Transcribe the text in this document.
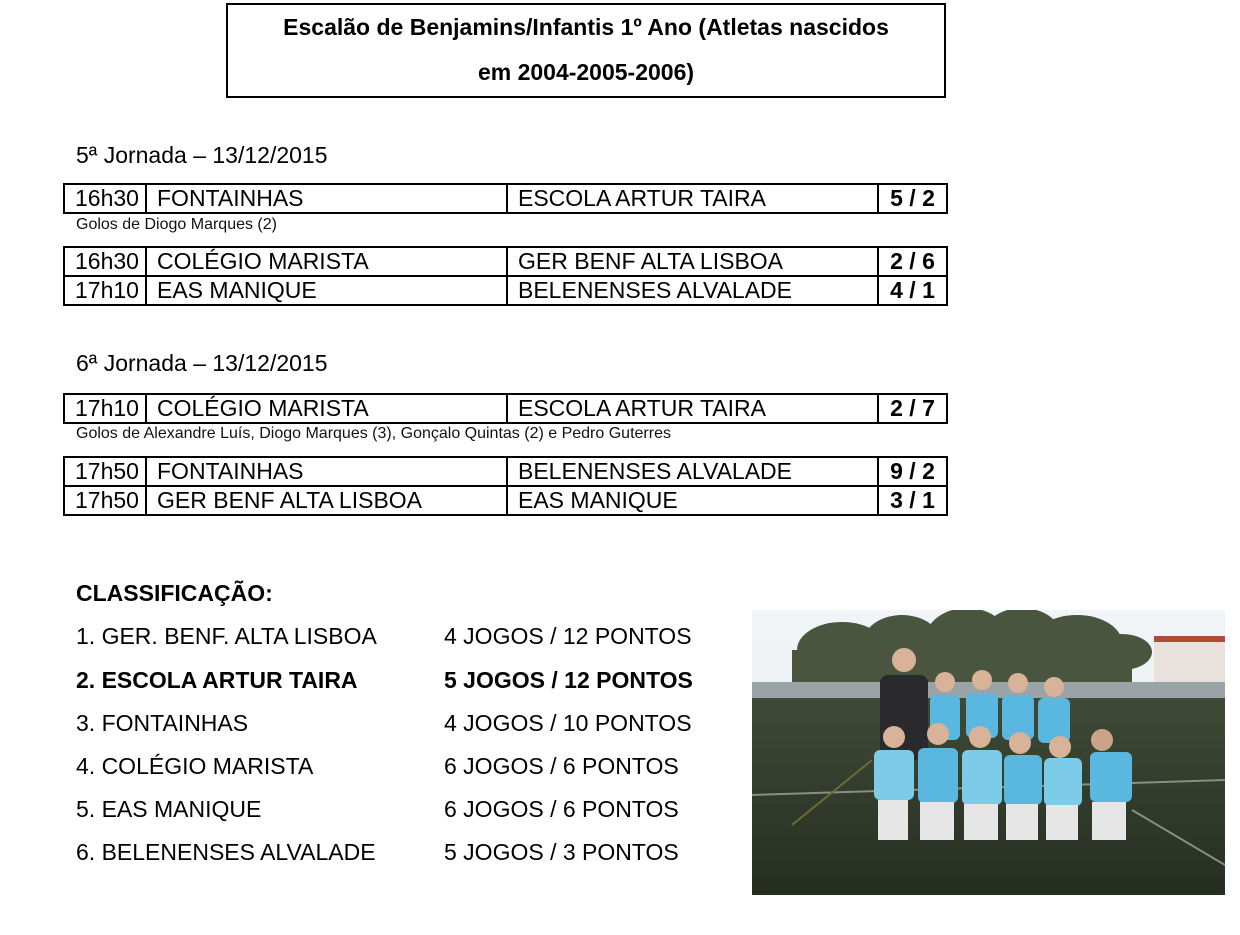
Escalão de Benjamins/Infantis 1º Ano (Atletas nascidos
em 2004-2005-2006)
5ª Jornada – 13/12/2015
16h30	FONTAINHAS	ESCOLA ARTUR TAIRA	5 / 2
Golos de Diogo Marques (2)
16h30	COLÉGIO MARISTA	GER BENF ALTA LISBOA	2 / 6
17h10	EAS MANIQUE	BELENENSES ALVALADE	4 / 1
6ª Jornada – 13/12/2015
17h10	COLÉGIO MARISTA	ESCOLA ARTUR TAIRA	2 / 7
Golos de Alexandre Luís, Diogo Marques (3), Gonçalo Quintas (2) e Pedro Guterres
17h50	FONTAINHAS	BELENENSES ALVALADE	9 / 2
17h50	GER BENF ALTA LISBOA	EAS MANIQUE	3 / 1
CLASSIFICAÇÃO:
1. GER. BENF. ALTA LISBOA	4 JOGOS / 12 PONTOS
2. ESCOLA ARTUR TAIRA	5 JOGOS / 12 PONTOS
3. FONTAINHAS	4 JOGOS / 10 PONTOS
4. COLÉGIO MARISTA	6 JOGOS / 6 PONTOS
5. EAS MANIQUE	6 JOGOS / 6 PONTOS
6. BELENENSES ALVALADE	5 JOGOS / 3 PONTOS
